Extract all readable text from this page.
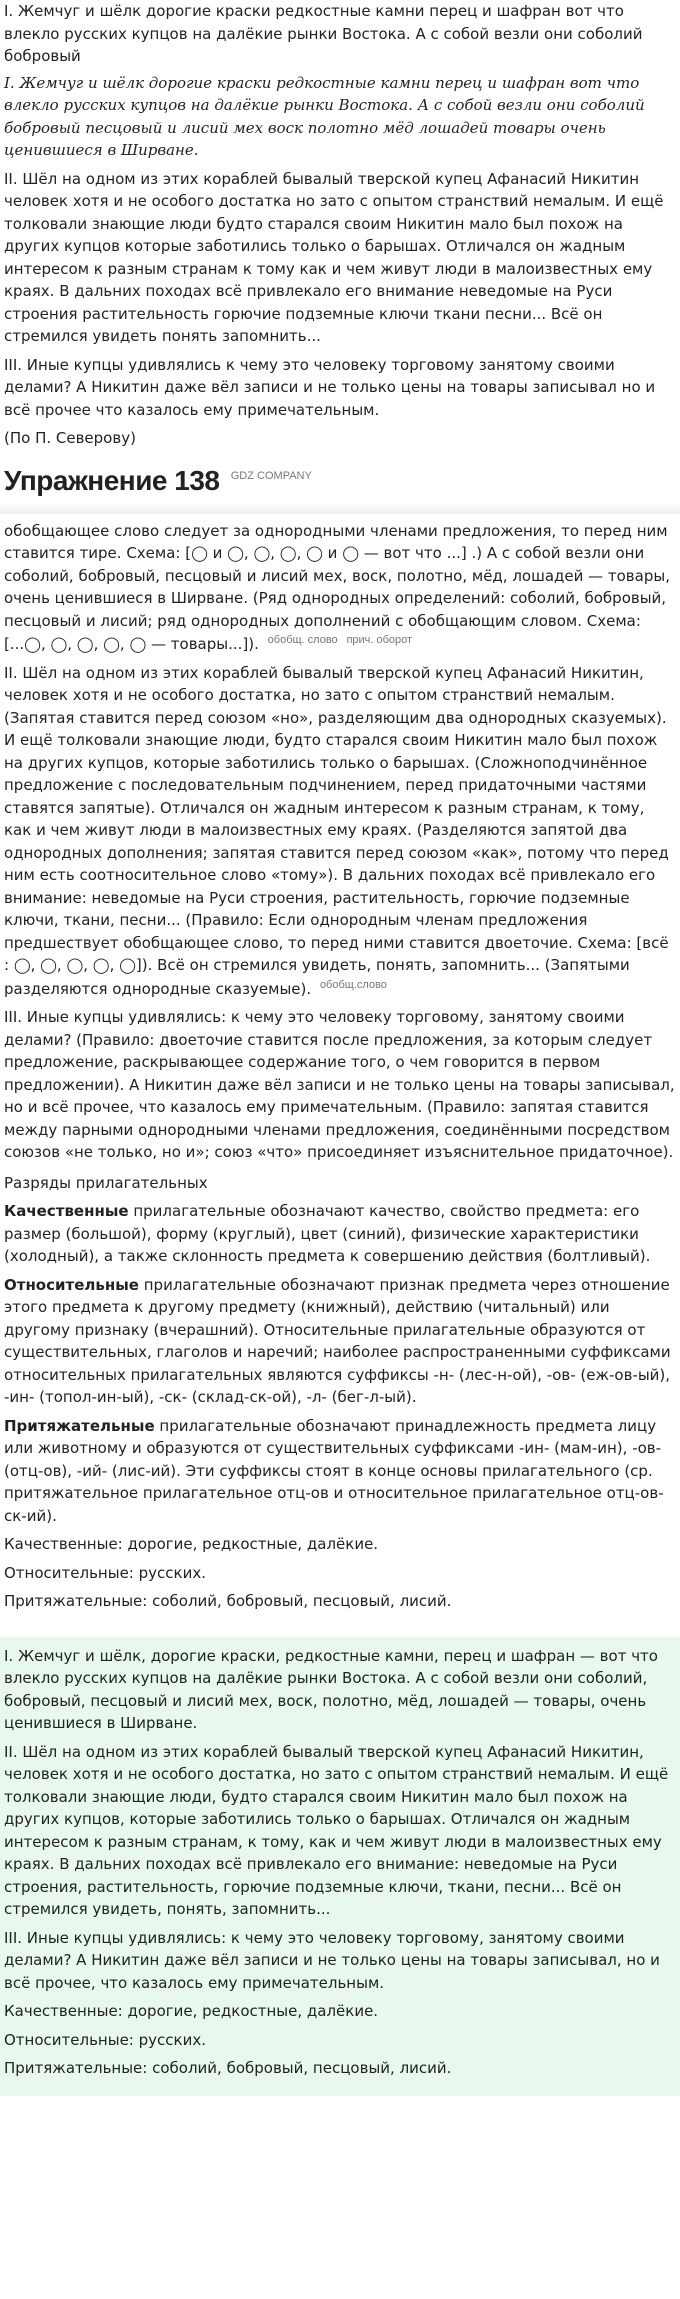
I. Жемчуг и шёлк дорогие краски редкостные камни перец и шафран вот что влекло русских купцов на далёкие рынки Востока. А с собой везли они соболий бобровый

I. Жемчуг и шёлк дорогие краски редкостные камни перец и шафран вот что влекло русских купцов на далёкие рынки Востока. А с собой везли они соболий бобровый песцовый и лисий мех воск полотно мёд лошадей товары очень ценившиеся в Ширване.

II. Шёл на одном из этих кораблей бывалый тверской купец Афанасий Никитин человек хотя и не особого достатка но зато с опытом странствий немалым. И ещё толковали знающие люди будто старался своим Никитин мало был похож на других купцов которые заботились только о барышах. Отличался он жадным интересом к разным странам к тому как и чем живут люди в малоизвестных ему краях. В дальних походах всё привлекало его внимание неведомые на Руси строения растительность горючие подземные ключи ткани песни... Всё он стремился увидеть понять запомнить...

III. Иные купцы удивлялись к чему это человеку торговому занятому своими делами? А Никитин даже вёл записи и не только цены на товары записывал но и всё прочее что казалось ему примечательным.

(По П. Северову)

Упражнение 138 $^{GDZ COMPANY}$

обобщающее слово следует за однородными членами предложения, то перед ним ставится тире. Схема: [◯ и ◯, ◯, ◯, ◯ и ◯ — вот что ...] .) А с собой везли они соболий, бобровый, песцовый и лисий мех, воск, полотно, мёд, лошадей — товары, очень ценившиеся в Ширване. (Ряд однородных определений: соболий, бобровый, песцовый и лисий; ряд однородных дополнений с обобщающим словом. Схема: [...◯, ◯, ◯, ◯, ◯ — товары...]). $^{обобщ. слово}$ $^{прич. оборот}$

II. Шёл на одном из этих кораблей бывалый тверской купец Афанасий Никитин, человек хотя и не особого достатка, но зато с опытом странствий немалым. (Запятая ставится перед союзом «но», разделяющим два однородных сказуемых). И ещё толковали знающие люди, будто старался своим Никитин мало был похож на других купцов, которые заботились только о барышах. (Сложноподчинённое предложение с последовательным подчинением, перед придаточными частями ставятся запятые). Отличался он жадным интересом к разным странам, к тому, как и чем живут люди в малоизвестных ему краях. (Разделяются запятой два однородных дополнения; запятая ставится перед союзом «как», потому что перед ним есть соотносительное слово «тому»). В дальних походах всё привлекало его внимание: неведомые на Руси строения, растительность, горючие подземные ключи, ткани, песни... (Правило: Если однородным членам предложения предшествует обобщающее слово, то перед ними ставится двоеточие. Схема: [всё : ◯, ◯, ◯, ◯, ◯]). Всё он стремился увидеть, понять, запомнить... (Запятыми разделяются однородные сказуемые). $^{обобщ.слово}$

III. Иные купцы удивлялись: к чему это человеку торговому, занятому своими делами? (Правило: двоеточие ставится после предложения, за которым следует предложение, раскрывающее содержание того, о чем говорится в первом предложении). А Никитин даже вёл записи и не только цены на товары записывал, но и всё прочее, что казалось ему примечательным. (Правило: запятая ставится между парными однородными членами предложения, соединёнными посредством союзов «не только, но и»; союз «что» присоединяет изъяснительное придаточное).

Разряды прилагательных

Качественные прилагательные обозначают качество, свойство предмета: его размер (большой), форму (круглый), цвет (синий), физические характеристики (холодный), а также склонность предмета к совершению действия (болтливый).

Относительные прилагательные обозначают признак предмета через отношение этого предмета к другому предмету (книжный), действию (читальный) или другому признаку (вчерашний). Относительные прилагательные образуются от существительных, глаголов и наречий; наиболее распространенными суффиксами относительных прилагательных являются суффиксы -н- (лес-н-ой), -ов- (еж-ов-ый), -ин- (топол-ин-ый), -ск- (склад-ск-ой), -л- (бег-л-ый).

Притяжательные прилагательные обозначают принадлежность предмета лицу или животному и образуются от существительных суффиксами -ин- (мам-ин), -ов- (отц-ов), -ий- (лис-ий). Эти суффиксы стоят в конце основы прилагательного (ср. притяжательное прилагательное отц-ов и относительное прилагательное отц-ов-ск-ий).

Качественные: дорогие, редкостные, далёкие.

Относительные: русских.

Притяжательные: соболий, бобровый, песцовый, лисий.

I. Жемчуг и шёлк, дорогие краски, редкостные камни, перец и шафран — вот что влекло русских купцов на далёкие рынки Востока. А с собой везли они соболий, бобровый, песцовый и лисий мех, воск, полотно, мёд, лошадей — товары, очень ценившиеся в Ширване.

II. Шёл на одном из этих кораблей бывалый тверской купец Афанасий Никитин, человек хотя и не особого достатка, но зато с опытом странствий немалым. И ещё толковали знающие люди, будто старался своим Никитин мало был похож на других купцов, которые заботились только о барышах. Отличался он жадным интересом к разным странам, к тому, как и чем живут люди в малоизвестных ему краях. В дальних походах всё привлекало его внимание: неведомые на Руси строения, растительность, горючие подземные ключи, ткани, песни... Всё он стремился увидеть, понять, запомнить...

III. Иные купцы удивлялись: к чему это человеку торговому, занятому своими делами? А Никитин даже вёл записи и не только цены на товары записывал, но и всё прочее, что казалось ему примечательным.

Качественные: дорогие, редкостные, далёкие.

Относительные: русских.

Притяжательные: соболий, бобровый, песцовый, лисий.
